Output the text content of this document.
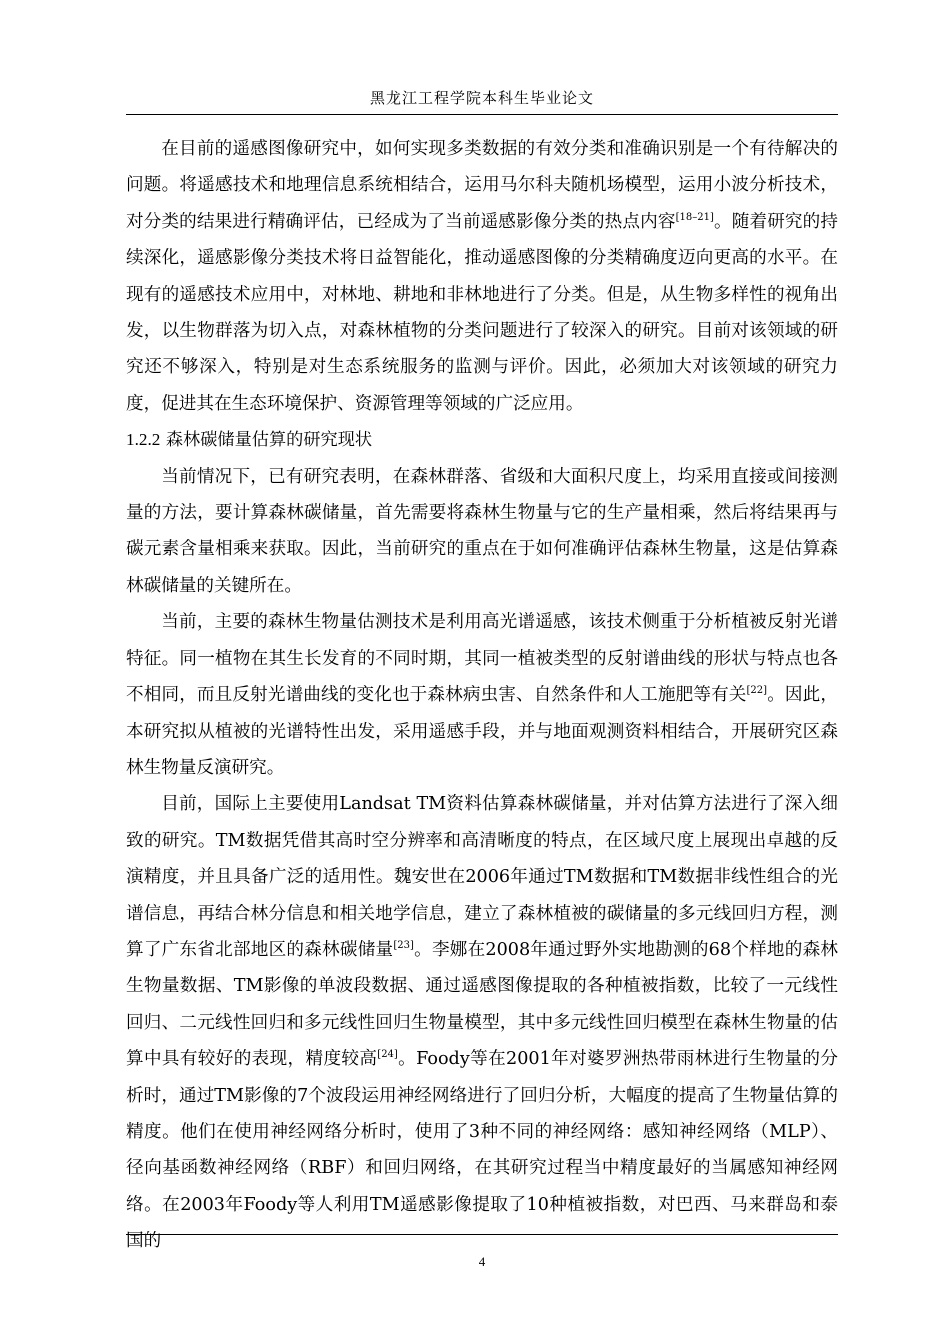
黑龙江工程学院本科生毕业论文

在目前的遥感图像研究中，如何实现多类数据的有效分类和准确识别是一个有待解决的问题。将遥感技术和地理信息系统相结合，运用马尔科夫随机场模型，运用小波分析技术，对分类的结果进行精确评估，已经成为了当前遥感影像分类的热点内容[18–21]。随着研究的持续深化，遥感影像分类技术将日益智能化，推动遥感图像的分类精确度迈向更高的水平。在现有的遥感技术应用中，对林地、耕地和非林地进行了分类。但是，从生物多样性的视角出发，以生物群落为切入点，对森林植物的分类问题进行了较深入的研究。目前对该领域的研究还不够深入，特别是对生态系统服务的监测与评价。因此，必须加大对该领域的研究力度，促进其在生态环境保护、资源管理等领域的广泛应用。

1.2.2 森林碳储量估算的研究现状

当前情况下，已有研究表明，在森林群落、省级和大面积尺度上，均采用直接或间接测量的方法，要计算森林碳储量，首先需要将森林生物量与它的生产量相乘，然后将结果再与碳元素含量相乘来获取。因此，当前研究的重点在于如何准确评估森林生物量，这是估算森林碳储量的关键所在。

当前，主要的森林生物量估测技术是利用高光谱遥感，该技术侧重于分析植被反射光谱特征。同一植物在其生长发育的不同时期，其同一植被类型的反射谱曲线的形状与特点也各不相同，而且反射光谱曲线的变化也于森林病虫害、自然条件和人工施肥等有关[22]。因此，本研究拟从植被的光谱特性出发，采用遥感手段，并与地面观测资料相结合，开展研究区森林生物量反演研究。

目前，国际上主要使用Landsat TM资料估算森林碳储量，并对估算方法进行了深入细致的研究。TM数据凭借其高时空分辨率和高清晰度的特点，在区域尺度上展现出卓越的反演精度，并且具备广泛的适用性。魏安世在2006年通过TM数据和TM数据非线性组合的光谱信息，再结合林分信息和相关地学信息，建立了森林植被的碳储量的多元线回归方程，测算了广东省北部地区的森林碳储量[23]。李娜在2008年通过野外实地勘测的68个样地的森林生物量数据、TM影像的单波段数据、通过遥感图像提取的各种植被指数，比较了一元线性回归、二元线性回归和多元线性回归生物量模型，其中多元线性回归模型在森林生物量的估算中具有较好的表现，精度较高[24]。Foody等在2001年对婆罗洲热带雨林进行生物量的分析时，通过TM影像的7个波段运用神经网络进行了回归分析，大幅度的提高了生物量估算的精度。他们在使用神经网络分析时，使用了3种不同的神经网络：感知神经网络（MLP）、径向基函数神经网络（RBF）和回归网络，在其研究过程当中精度最好的当属感知神经网络。在2003年Foody等人利用TM遥感影像提取了10种植被指数，对巴西、马来群岛和泰国的

4
